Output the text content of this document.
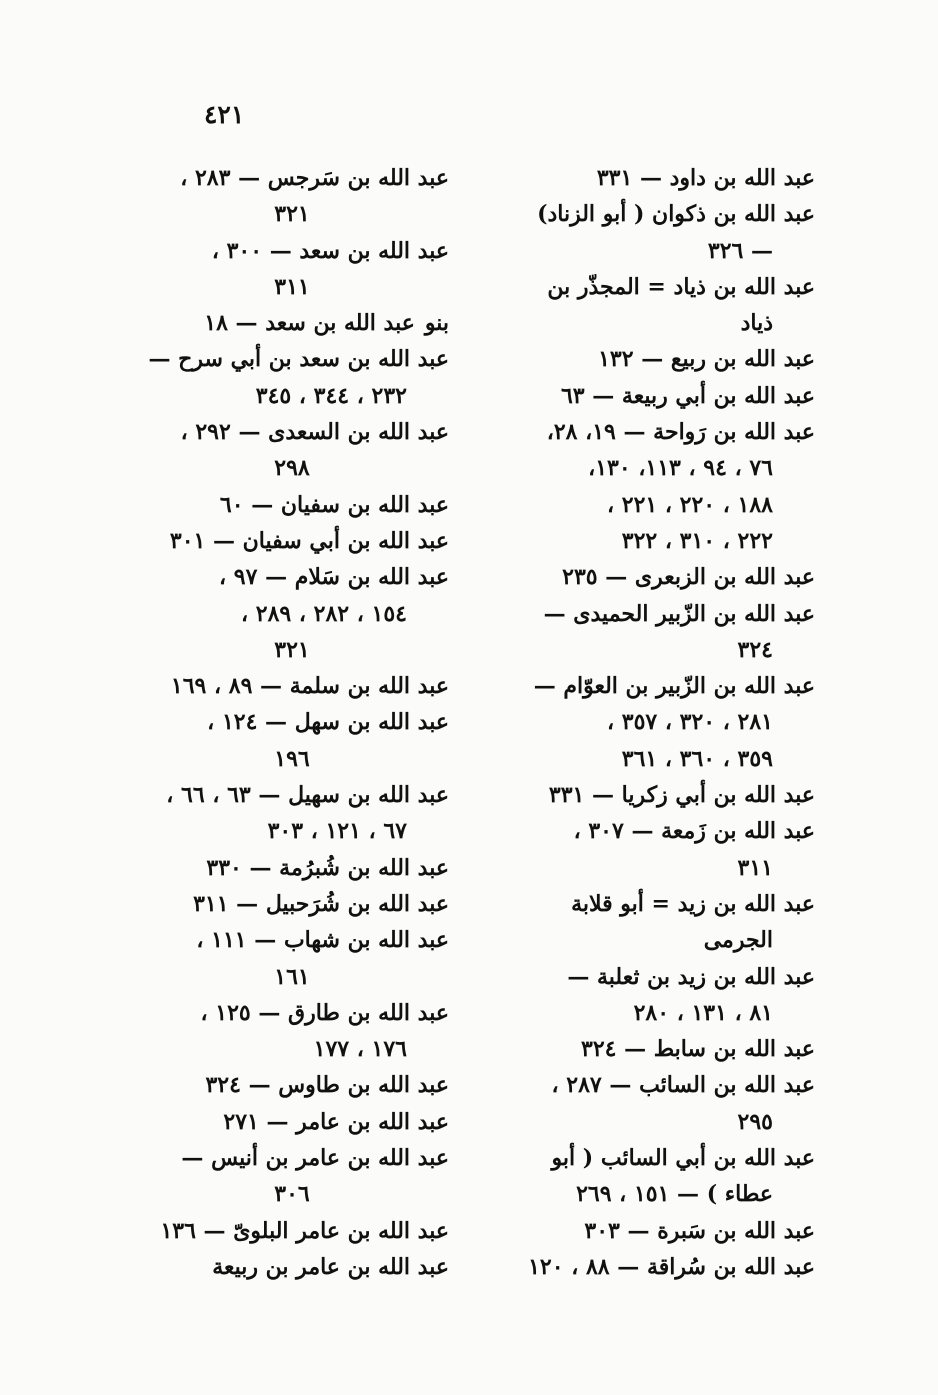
٤٢١
عبد الله بن داود — ٣٣١
عبد الله بن ذكوان ( أبو الزناد)
— ٣٢٦
عبد الله بن ذياد = المجذّر بن
ذياد
عبد الله بن ربيع — ١٣٢
عبد الله بن أبي ربيعة — ٦٣
عبد الله بن رَواحة — ١٩، ٢٨،
٧٦ ، ٩٤ ، ١١٣، ١٣٠،
١٨٨ ، ٢٢٠ ، ٢٢١ ،
٢٢٢ ، ٣١٠ ، ٣٢٢
عبد الله بن الزبعرى — ٢٣٥
عبد الله بن الزّبير الحميدى —
٣٢٤
عبد الله بن الزّبير بن العوّام —
٢٨١ ، ٣٢٠ ، ٣٥٧ ،
٣٥٩ ، ٣٦٠ ، ٣٦١
عبد الله بن أبي زكريا — ٣٣١
عبد الله بن زَمعة — ٣٠٧ ،
٣١١
عبد الله بن زيد = أبو قلابة
الجرمى
عبد الله بن زيد بن ثعلبة —
٨١ ، ١٣١ ، ٢٨٠
عبد الله بن سابط — ٣٢٤
عبد الله بن السائب — ٢٨٧ ،
٢٩٥
عبد الله بن أبي السائب ( أبو
عطاء ) — ١٥١ ، ٢٦٩
عبد الله بن سَبرة — ٣٠٣
عبد الله بن سُراقة — ٨٨ ، ١٢٠
عبد الله بن سَرجس — ٢٨٣ ،
٣٢١
عبد الله بن سعد — ٣٠٠ ،
٣١١
بنوعبد الله بن سعد — ١٨
عبد الله بن سعد بن أبي سرح —
٢٣٢ ، ٣٤٤ ، ٣٤٥
عبد الله بن السعدى — ٢٩٢ ،
٢٩٨
عبد الله بن سفيان — ٦٠
عبد الله بن أبي سفيان — ٣٠١
عبد الله بن سَلام — ٩٧ ،
١٥٤ ، ٢٨٢ ، ٢٨٩ ،
٣٢١
عبد الله بن سلمة — ٨٩ ، ١٦٩
عبد الله بن سهل — ١٢٤ ،
١٩٦
عبد الله بن سهيل — ٦٣ ، ٦٦ ،
٦٧ ، ١٢١ ، ٣٠٣
عبد الله بن شُبرُمة — ٣٣٠
عبد الله بن شُرَحبيل — ٣١١
عبد الله بن شهاب — ١١١ ،
١٦١
عبد الله بن طارق — ١٢٥ ،
١٧٦ ، ١٧٧
عبد الله بن طاوس — ٣٢٤
عبد الله بن عامر — ٢٧١
عبد الله بن عامر بن أنيس —
٣٠٦
عبد الله بن عامر البلوىّ — ١٣٦
عبد الله بن عامر بن ربيعة
